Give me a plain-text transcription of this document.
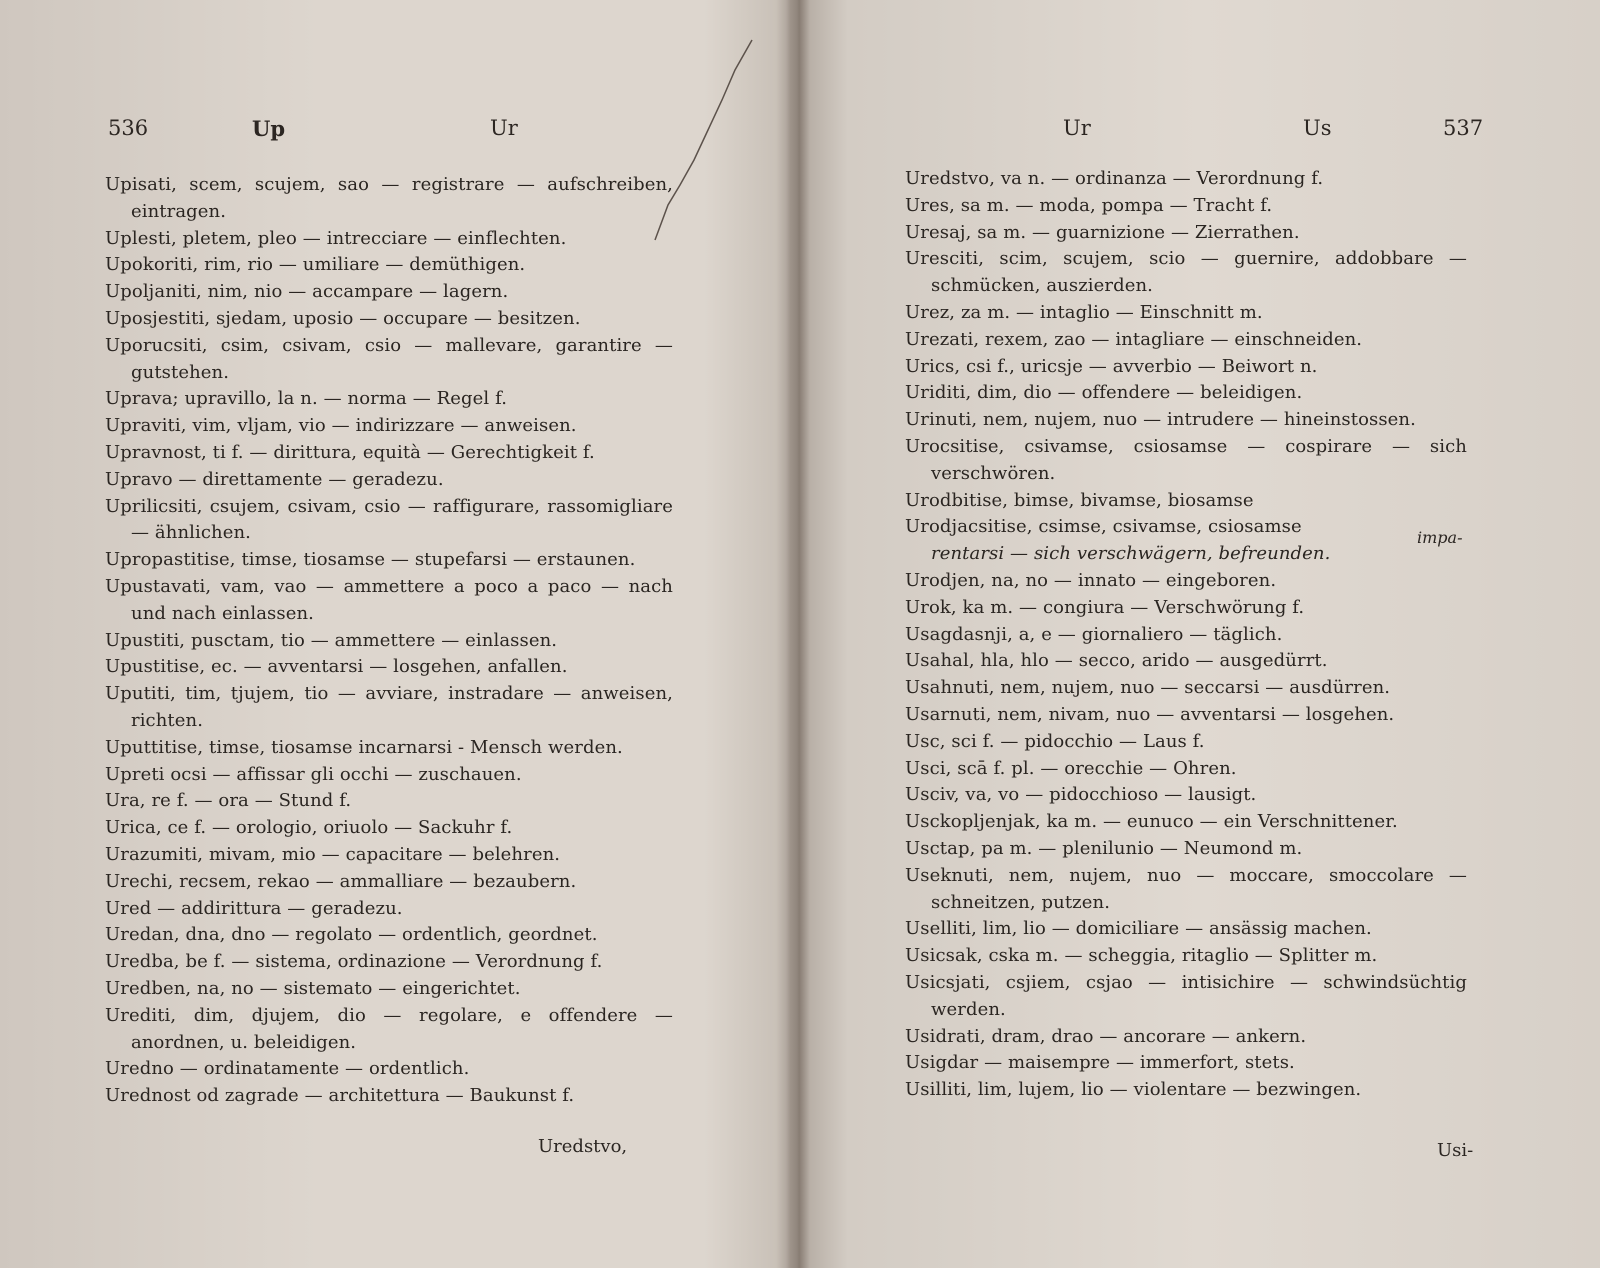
536	Up	Ur
Upisati, scem, scujem, sao — registrare — aufschreiben, eintragen.
Uplesti, pletem, pleo — intrecciare — einflechten.
Upokoriti, rim, rio — umiliare — demüthigen.
Upoljaniti, nim, nio — accampare — lagern.
Uposjestiti, sjedam, uposio — occupare — besitzen.
Uporucsiti, csim, csivam, csio — mallevare, garantire — gutstehen.
Uprava; upravillo, la n. — norma — Regel f.
Upraviti, vim, vljam, vio — indirizzare — anweisen.
Upravnost, ti f. — dirittura, equità — Gerechtigkeit f.
Upravo — direttamente — geradezu.
Uprilicsiti, csujem, csivam, csio — raffigurare, rassomigliare — ähnlichen.
Upropastitise, timse, tiosamse — stupefarsi — erstaunen.
Upustavati, vam, vao — ammettere a poco a paco — nach und nach einlassen.
Upustiti, pusctam, tio — ammettere — einlassen.
Upustitise, ec. — avventarsi — losgehen, anfallen.
Uputiti, tim, tjujem, tio — avviare, instradare — anweisen, richten.
Uputtitise, timse, tiosamse incarnarsi - Mensch werden.
Upreti ocsi — affissar gli occhi — zuschauen.
Ura, re f. — ora — Stund f.
Urica, ce f. — orologio, oriuolo — Sackuhr f.
Urazumiti, mivam, mio — capacitare — belehren.
Urechi, recsem, rekao — ammalliare — bezaubern.
Ured — addirittura — geradezu.
Uredan, dna, dno — regolato — ordentlich, geordnet.
Uredba, be f. — sistema, ordinazione — Verordnung f.
Uredben, na, no — sistemato — eingerichtet.
Urediti, dim, djujem, dio — regolare, e offendere — anordnen, u. beleidigen.
Uredno — ordinatamente — ordentlich.
Urednost od zagrade — architettura — Baukunst f.
Uredstvo,
Ur	Us	537
Uredstvo, va n. — ordinanza — Verordnung f.
Ures, sa m. — moda, pompa — Tracht f.
Uresaj, sa m. — guarnizione — Zierrathen.
Uresciti, scim, scujem, scio — guernire, addobbare — schmücken, auszierden.
Urez, za m. — intaglio — Einschnitt m.
Urezati, rexem, zao — intagliare — einschneiden.
Urics, csi f., uricsje — avverbio — Beiwort n.
Uriditi, dim, dio — offendere — beleidigen.
Urinuti, nem, nujem, nuo — intrudere — hineinstossen.
Urocsitise, csivamse, csiosamse — cospirare — sich verschwören.
Urodbitise, bimse, bivamse, biosamse
Urodjacsitise, csimse, csivamse, csiosamse
rentarsi — sich verschwägern, befreunden.
Urodjen, na, no — innato — eingeboren.
Urok, ka m. — congiura — Verschwörung f.
Usagdasnji, a, e — giornaliero — täglich.
Usahal, hla, hlo — secco, arido — ausgedürrt.
Usahnuti, nem, nujem, nuo — seccarsi — ausdürren.
Usarnuti, nem, nivam, nuo — avventarsi — losgehen.
Usc, sci f. — pidocchio — Laus f.
Usci, scā f. pl. — orecchie — Ohren.
Usciv, va, vo — pidocchioso — lausigt.
Usckopljenjak, ka m. — eunuco — ein Verschnittener.
Usctap, pa m. — plenilunio — Neumond m.
Useknuti, nem, nujem, nuo — moccare, smoccolare — schneitzen, putzen.
Uselliti, lim, lio — domiciliare — ansässig machen.
Usicsak, cska m. — scheggia, ritaglio — Splitter m.
Usicsjati, csjiem, csjao — intisichire — schwindsüchtig werden.
Usidrati, dram, drao — ancorare — ankern.
Usigdar — maisempre — immerfort, stets.
Usilliti, lim, lujem, lio — violentare — bezwingen.
impa-
Usi-
